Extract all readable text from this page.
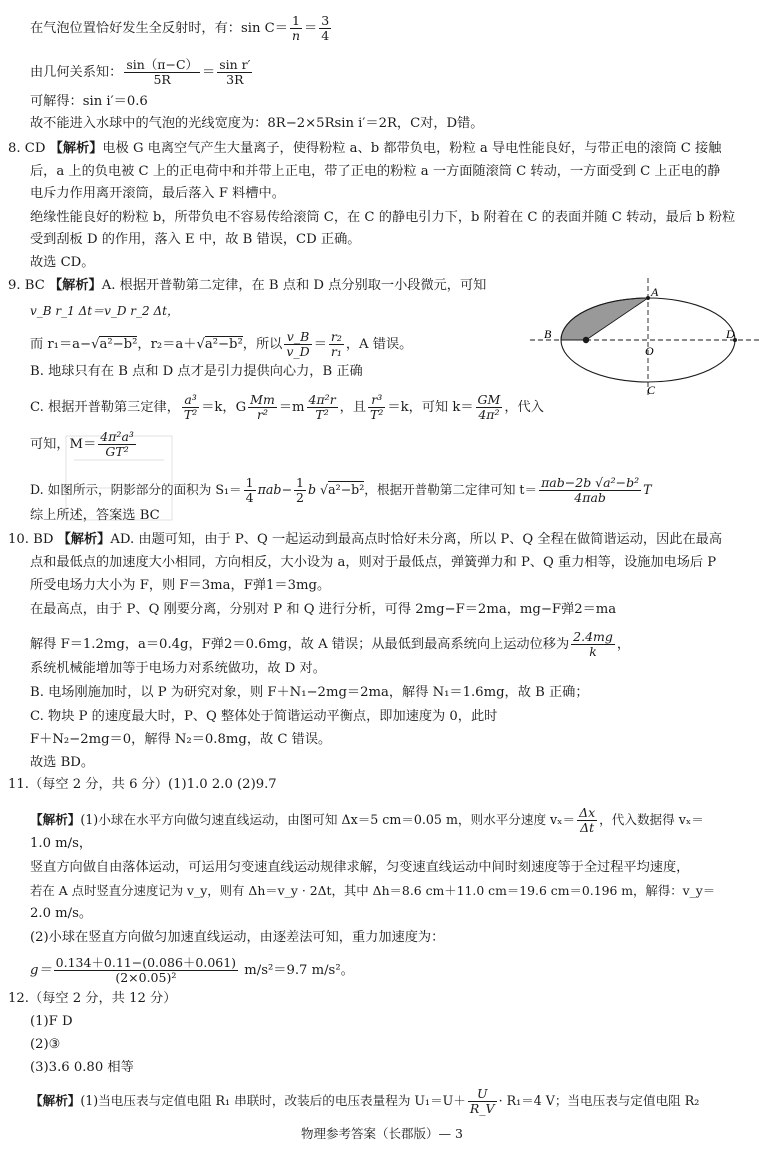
在气泡位置恰好发生全反射时，有：$\sin C= \frac{1}{n} = \frac{3}{4}$
由几何关系知： $\frac{\sin(\pi-C)}{5R} = \frac{\text{sin r′}}{3R}$
可解得：sin i′＝0.6
故不能进入水球中的气泡的光线宽度为：8R−2×5Rsin i′＝2R，C对，D错。
8. CD 【解析】电极 G 电离空气产生大量离子，使得粉粒 a、b 都带负电，粉粒 a 导电性能良好，与带正电的滚筒 C 接触
后，a 上的负电被 C 上的正电荷中和并带上正电，带了正电的粉粒 a 一方面随滚筒 C 转动，一方面受到 C 上正电的静
电斥力作用离开滚筒，最后落入 F 料槽中。
绝缘性能良好的粉粒 b，所带负电不容易传给滚筒 C，在 C 的静电引力下，b 附着在 C 的表面并随 C 转动，最后 b 粉粒
受到刮板 D 的作用，落入 E 中，故 B 错误，CD 正确。
故选 CD。
9. BC 【解析】A. 根据开普勒第二定律，在 B 点和 D 点分别取一小段微元，可知
v_B r_1 Δt＝v_D r_2 Δt，
而 r₁＝a−√a²−b²，r₂＝a＋√a²−b²，所以 $\frac{v\_B}{v\_D} = \frac{\text{r₂}}{\text{r₁}}$ ，A 错误。
B. 地球只有在 B 点和 D 点才是引力提供向心力，B 正确
C. 根据开普勒第三定律， $\frac{\text{a³}}{\text{T²}} =k$，G $\frac{Mm}{\text{r²}} =m \frac{\text{4π²r}}{\text{T²}}$ ，且 $\frac{\text{r³}}{\text{T²}} =k$，可知 $k= \frac{GM}{\text{4π²}}$ ，代入
可知，$M= \frac{\text{4π²a³}}{\text{GT²}}$
D. 如图所示，阴影部分的面积为 $S_1= \frac{1}{4} \pi ab- \frac{1}{2}$ b √a²−b²，根据开普勒第二定律可知 $t= \frac{\text{πab−2b √a²−b²}}{\text{4πab}}$ T
综上所述，答案选 BC
A
B
O
D
C
10. BD 【解析】AD. 由题可知，由于 P、Q 一起运动到最高点时恰好未分离，所以 P、Q 全程在做简谐运动，因此在最高
点和最低点的加速度大小相同，方向相反，大小设为 a，则对于最低点，弹簧弹力和 P、Q 重力相等，设施加电场后 P
所受电场力大小为 F，则 F＝3ma，F弹1＝3mg。
在最高点，由于 P、Q 刚要分离，分别对 P 和 Q 进行分析，可得 2mg−F＝2ma，mg−F弹2＝ma
解得 F＝1.2mg，a＝0.4g，F弹2＝0.6mg，故 A 错误；从最低到最高系统向上运动位移为 $\frac{2.4mg}{k}$ ，
系统机械能增加等于电场力对系统做功，故 D 对。
B. 电场刚施加时，以 P 为研究对象，则 F＋N₁−2mg＝2ma，解得 N₁＝1.6mg，故 B 正确；
C. 物块 P 的速度最大时，P、Q 整体处于简谐运动平衡点，即加速度为 0，此时
F＋N₂−2mg＝0，解得 N₂＝0.8mg，故 C 错误。
故选 BD。
11.（每空 2 分，共 6 分）(1)1.0 2.0 (2)9.7
【解析】(1)小球在水平方向做匀速直线运动，由图可知 Δx＝5 cm＝0.05 m，则水平分速度 $v_x= \frac{\Delta x}{\Delta t}$ ，代入数据得 vₓ＝
1.0 m/s，
竖直方向做自由落体运动，可运用匀变速直线运动规律求解，匀变速直线运动中间时刻速度等于全过程平均速度，
若在 A 点时竖直分速度记为 v_y，则有 Δh＝v_y · 2Δt，其中 Δh＝8.6 cm＋11.0 cm＝19.6 cm＝0.196 m，解得：v_y＝
2.0 m/s。
(2)小球在竖直方向做匀加速直线运动，由逐差法可知，重力加速度为：
$g= \frac{0.134+0.11-(0.086+0.061)}{\text{(2×0.05)²}} m/s^2=9.7$ m/s²。
12.（每空 2 分，共 12 分）
(1)F D
(2)③
(3)3.6 0.80 相等
【解析】(1)当电压表与定值电阻 R₁ 串联时，改装后的电压表量程为 $U_1=U+ \frac{U}{R\_V} \cdot R_1=4$ V；当电压表与定值电阻 R₂
物理参考答案（长郡版）— 3
